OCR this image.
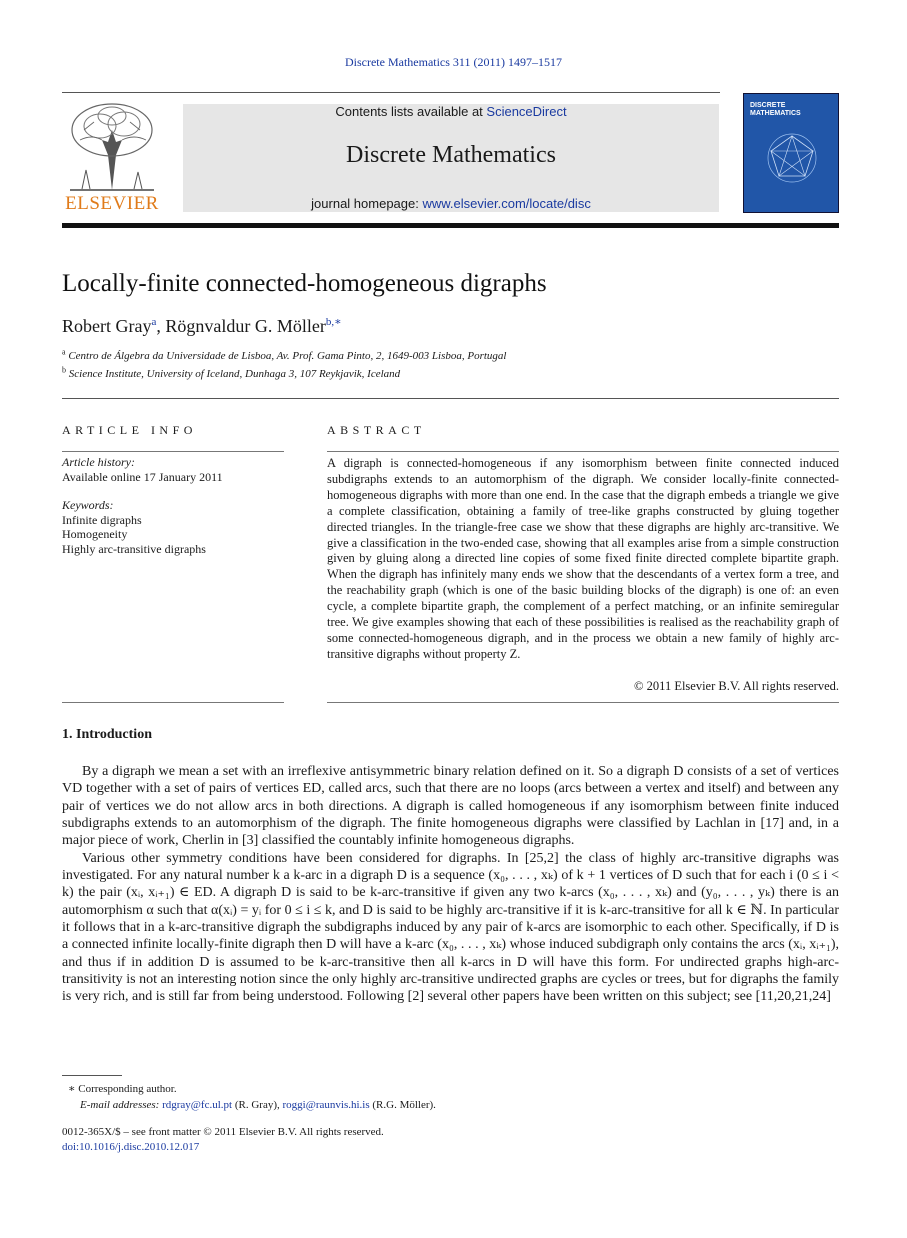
Discrete Mathematics 311 (2011) 1497–1517
ELSEVIER
Contents lists available at ScienceDirect
Discrete Mathematics
journal homepage: www.elsevier.com/locate/disc
DISCRETE
MATHEMATICS
Locally-finite connected-homogeneous digraphs
Robert Gray$^a$, Rögnvaldur G. Möller$^{b,∗}$
$^a$ Centro de Álgebra da Universidade de Lisboa, Av. Prof. Gama Pinto, 2, 1649-003 Lisboa, Portugal
$^b$ Science Institute, University of Iceland, Dunhaga 3, 107 Reykjavik, Iceland
ARTICLE INFO
Article history:
Available online 17 January 2011
Keywords:
Infinite digraphs
Homogeneity
Highly arc-transitive digraphs
ABSTRACT
A digraph is connected-homogeneous if any isomorphism between finite connected induced subdigraphs extends to an automorphism of the digraph. We consider locally-finite connected-homogeneous digraphs with more than one end. In the case that the digraph embeds a triangle we give a complete classification, obtaining a family of tree-like graphs constructed by gluing together directed triangles. In the triangle-free case we show that these digraphs are highly arc-transitive. We give a classification in the two-ended case, showing that all examples arise from a simple construction given by gluing along a directed line copies of some fixed finite directed complete bipartite graph. When the digraph has infinitely many ends we show that the descendants of a vertex form a tree, and the reachability graph (which is one of the basic building blocks of the digraph) is one of: an even cycle, a complete bipartite graph, the complement of a perfect matching, or an infinite semiregular tree. We give examples showing that each of these possibilities is realised as the reachability graph of some connected-homogeneous digraph, and in the process we obtain a new family of highly arc-transitive digraphs without property Z.
© 2011 Elsevier B.V. All rights reserved.
1. Introduction

By a digraph we mean a set with an irreflexive antisymmetric binary relation defined on it. So a digraph D consists of a set of vertices VD together with a set of pairs of vertices ED, called arcs, such that there are no loops (arcs between a vertex and itself) and between any pair of vertices we do not allow arcs in both directions. A digraph is called homogeneous if any isomorphism between finite induced subdigraphs extends to an automorphism of the digraph. The finite homogeneous digraphs were classified by Lachlan in [17] and, in a major piece of work, Cherlin in [3] classified the countably infinite homogeneous digraphs.

Various other symmetry conditions have been considered for digraphs. In [25,2] the class of highly arc-transitive digraphs was investigated. For any natural number k a k-arc in a digraph D is a sequence (x₀, . . . , xₖ) of k + 1 vertices of D such that for each i (0 ≤ i < k) the pair (xᵢ, xᵢ₊₁) ∈ ED. A digraph D is said to be k-arc-transitive if given any two k-arcs (x₀, . . . , xₖ) and (y₀, . . . , yₖ) there is an automorphism α such that α(xᵢ) = yᵢ for 0 ≤ i ≤ k, and D is said to be highly arc-transitive if it is k-arc-transitive for all k ∈ ℕ. In particular it follows that in a k-arc-transitive digraph the subdigraphs induced by any pair of k-arcs are isomorphic to each other. Specifically, if D is a connected infinite locally-finite digraph then D will have a k-arc (x₀, . . . , xₖ) whose induced subdigraph only contains the arcs (xᵢ, xᵢ₊₁), and thus if in addition D is assumed to be k-arc-transitive then all k-arcs in D will have this form. For undirected graphs high-arc-transitivity is not an interesting notion since the only highly arc-transitive undirected graphs are cycles or trees, but for digraphs the family is very rich, and is still far from being understood. Following [2] several other papers have been written on this subject; see [11,20,21,24]

∗ Corresponding author.
E-mail addresses: rdgray@fc.ul.pt (R. Gray), roggi@raunvis.hi.is (R.G. Möller).
0012-365X/$ – see front matter © 2011 Elsevier B.V. All rights reserved.
doi:10.1016/j.disc.2010.12.017
